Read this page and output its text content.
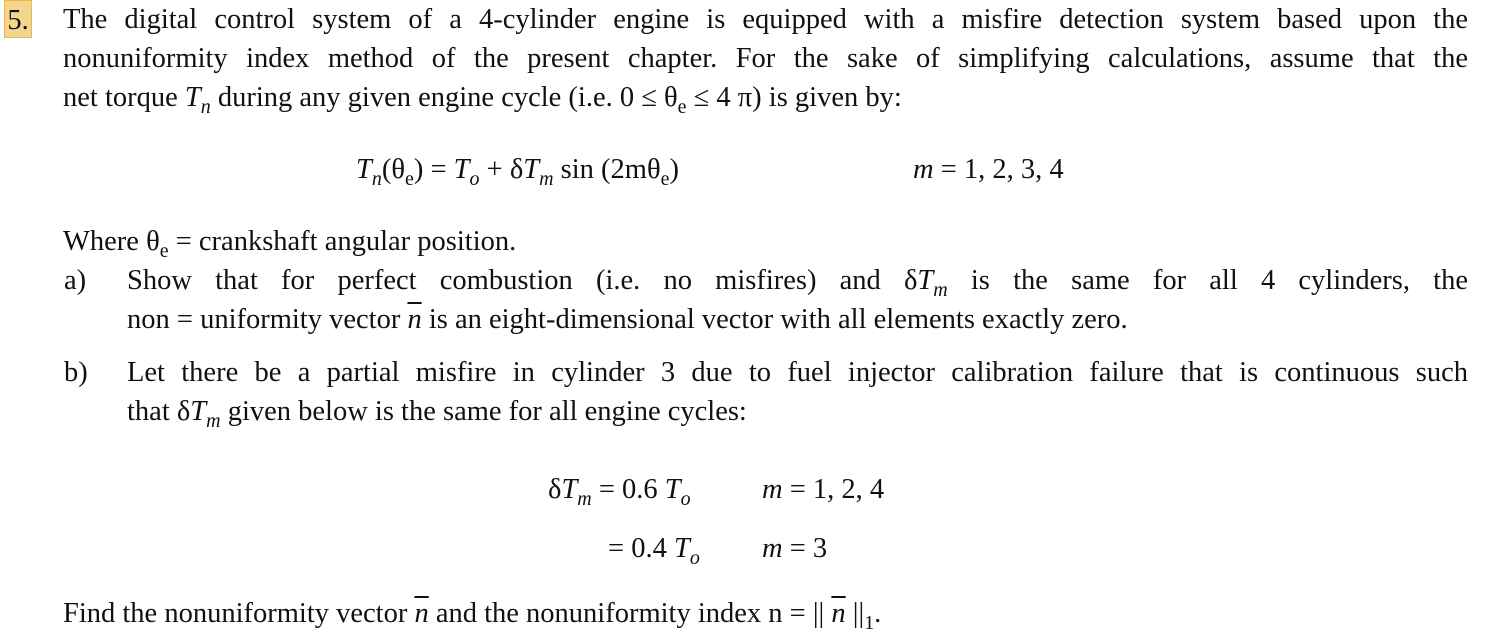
5. The digital control system of a 4-cylinder engine is equipped with a misfire detection system based upon the
nonuniformity index method of the present chapter. For the sake of simplifying calculations, assume that the
net torque $T_n$ during any given engine cycle (i.e. $0 \le \theta_e \le 4$ π) is given by:
$T_n(\theta_e) = T_o + \delta T_m$ $\sin (2m\theta_e)$	m = 1, 2, 3, 4
Where $\theta_e$ = crankshaft angular position.
a) Show that for perfect combustion (i.e. no misfires) and $\delta T_m$ is the same for all 4 cylinders, the
non = uniformity vector $\overline{n}$ is an eight-dimensional vector with all elements exactly zero.
b) Let there be a partial misfire in cylinder 3 due to fuel injector calibration failure that is continuous such
that $\delta T_m$ given below is the same for all engine cycles:
$\delta T_m = 0.6$ $T_o$	m = 1, 2, 4
= 0.4 $T_o$ m = 3
Find the nonuniformity vector $\overline{n}$ and the nonuniformity index n = || $\overline{n}$ $||_1$.
